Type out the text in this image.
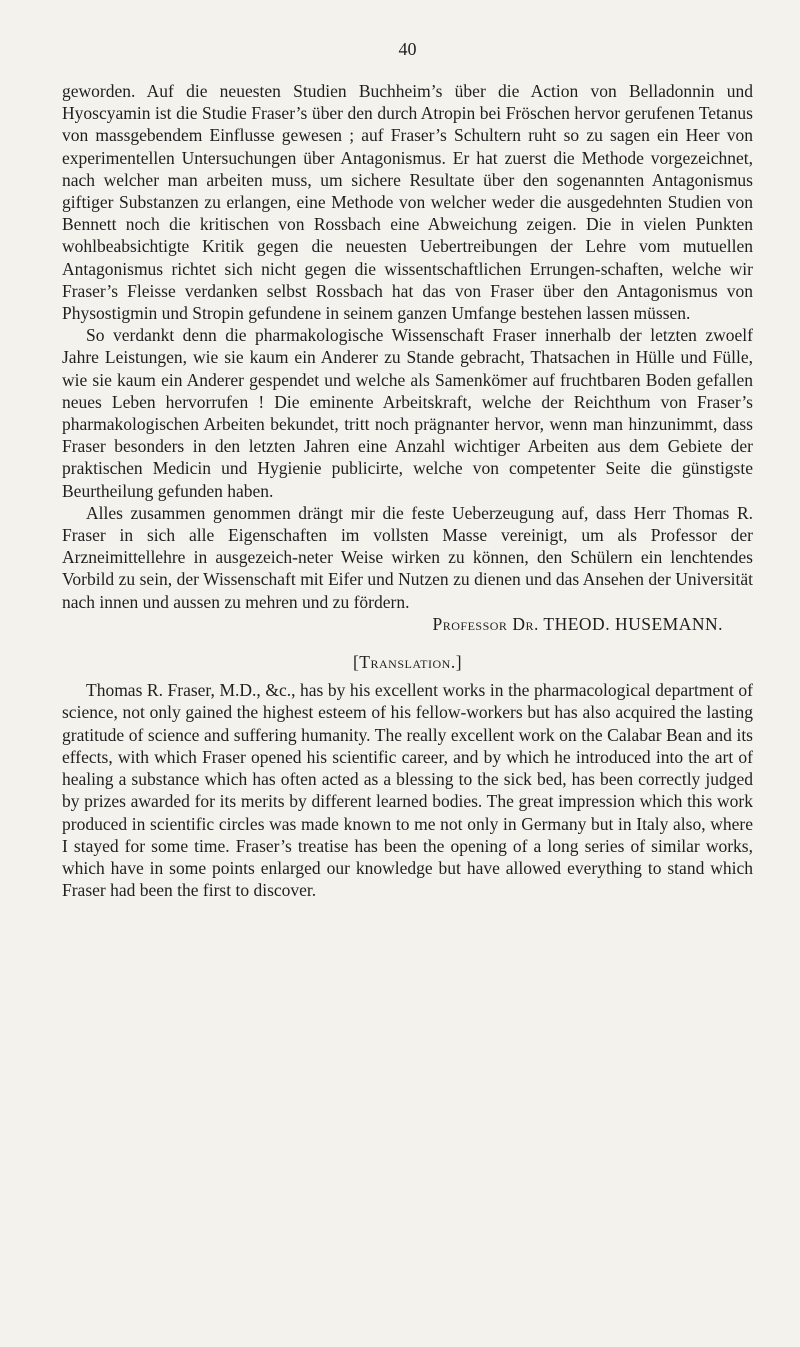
40

geworden. Auf die neuesten Studien Buchheim’s über die Action von Belladonnin und Hyoscyamin ist die Studie Fraser’s über den durch Atropin bei Fröschen hervor gerufenen Tetanus von massgebendem Einflusse gewesen ; auf Fraser’s Schultern ruht so zu sagen ein Heer von experimentellen Untersuchungen über Antagonismus. Er hat zuerst die Methode vorgezeichnet, nach welcher man arbeiten muss, um sichere Resultate über den sogenannten Antagonismus giftiger Substanzen zu erlangen, eine Methode von welcher weder die ausgedehnten Studien von Bennett noch die kritischen von Rossbach eine Abweichung zeigen. Die in vielen Punkten wohlbeabsichtigte Kritik gegen die neuesten Uebertreibungen der Lehre vom mutuellen Antagonismus richtet sich nicht gegen die wissentschaftlichen Errungen-schaften, welche wir Fraser’s Fleisse verdanken selbst Rossbach hat das von Fraser über den Antagonismus von Physostigmin und Stropin gefundene in seinem ganzen Umfange bestehen lassen müssen.

So verdankt denn die pharmakologische Wissenschaft Fraser innerhalb der letzten zwoelf Jahre Leistungen, wie sie kaum ein Anderer zu Stande gebracht, Thatsachen in Hülle und Fülle, wie sie kaum ein Anderer gespendet und welche als Samenkömer auf fruchtbaren Boden gefallen neues Leben hervorrufen ! Die eminente Arbeitskraft, welche der Reichthum von Fraser’s pharmakologischen Arbeiten bekundet, tritt noch prägnanter hervor, wenn man hinzunimmt, dass Fraser besonders in den letzten Jahren eine Anzahl wichtiger Arbeiten aus dem Gebiete der praktischen Medicin und Hygienie publicirte, welche von competenter Seite die günstigste Beurtheilung gefunden haben.

Alles zusammen genommen drängt mir die feste Ueberzeugung auf, dass Herr Thomas R. Fraser in sich alle Eigenschaften im vollsten Masse vereinigt, um als Professor der Arzneimittellehre in ausgezeich-neter Weise wirken zu können, den Schülern ein lenchtendes Vorbild zu sein, der Wissenschaft mit Eifer und Nutzen zu dienen und das Ansehen der Universität nach innen und aussen zu mehren und zu fördern.

Professor Dr. THEOD. HUSEMANN.
[Translation.]

Thomas R. Fraser, M.D., &c., has by his excellent works in the pharmacological department of science, not only gained the highest esteem of his fellow-workers but has also acquired the lasting gratitude of science and suffering humanity. The really excellent work on the Calabar Bean and its effects, with which Fraser opened his scientific career, and by which he introduced into the art of healing a substance which has often acted as a blessing to the sick bed, has been correctly judged by prizes awarded for its merits by different learned bodies. The great impression which this work produced in scientific circles was made known to me not only in Germany but in Italy also, where I stayed for some time. Fraser’s treatise has been the opening of a long series of similar works, which have in some points enlarged our knowledge but have allowed everything to stand which Fraser had been the first to discover.
